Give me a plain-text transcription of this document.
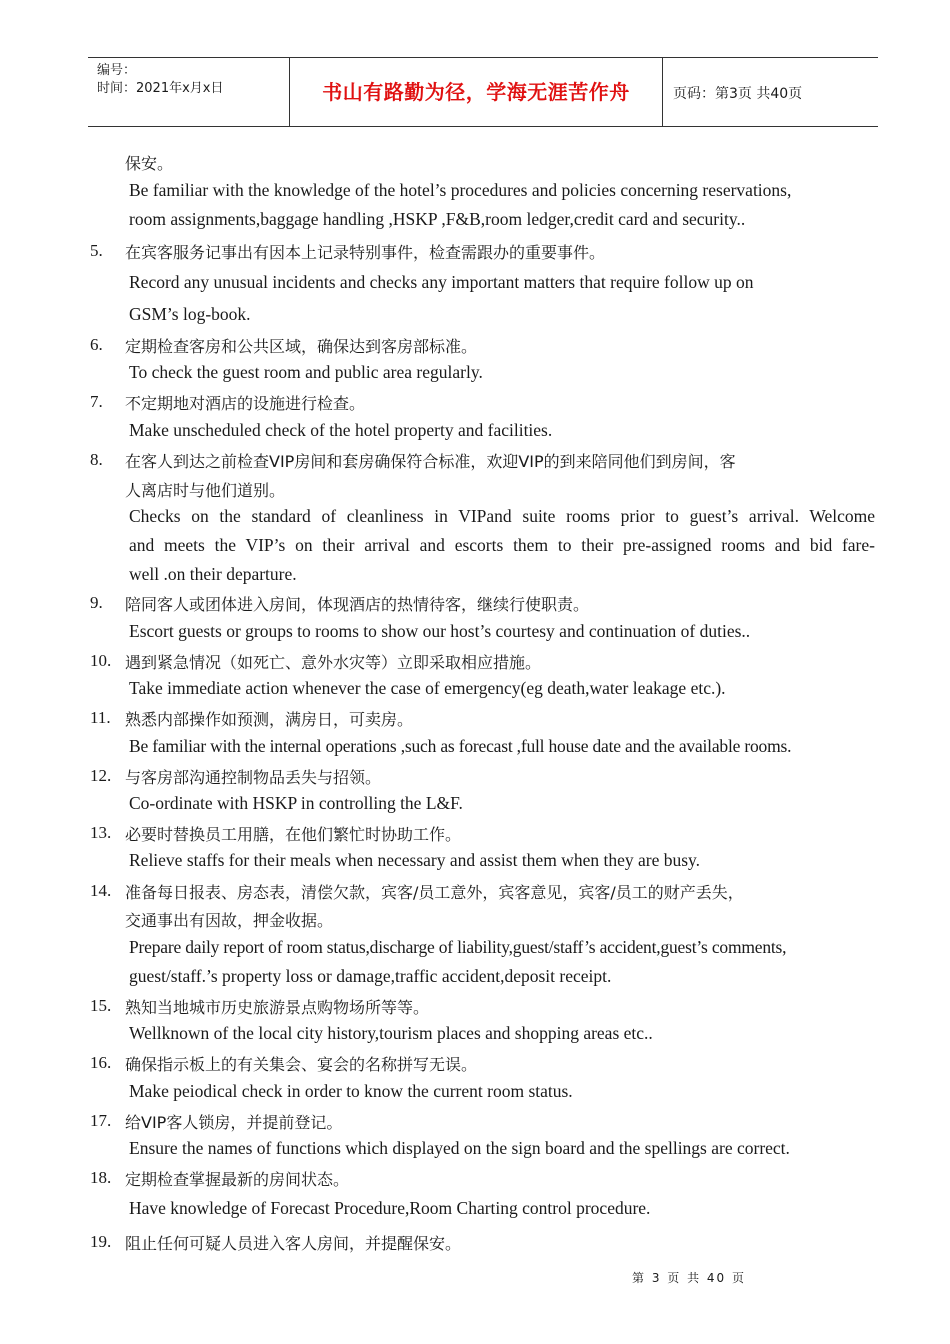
编号：
时间：2021年x月x日	书山有路勤为径，学海无涯苦作舟	页码：第3页 共40页
保安。
Be familiar with the knowledge of the hotel’s procedures and policies concerning reservations,
room assignments,baggage handling ,HSKP ,F&B,room ledger,credit card and security..
5. 在宾客服务记事出有因本上记录特别事件，检查需跟办的重要事件。
Record any unusual incidents and checks any important matters that require follow up on
GSM’s log-book.
6. 定期检查客房和公共区域，确保达到客房部标准。
To check the guest room and public area regularly.
7. 不定期地对酒店的设施进行检查。
Make unscheduled check of the hotel property and facilities.
8. 在客人到达之前检查VIP房间和套房确保符合标准，欢迎VIP的到来陪同他们到房间，客
人离店时与他们道别。
Checks on the standard of cleanliness in VIPand suite rooms prior to guest’s arrival. Welcome
and meets the VIP’s on their arrival and escorts them to their pre-assigned rooms and bid fare-
well .on their departure.
9. 陪同客人或团体进入房间，体现酒店的热情待客，继续行使职责。
Escort guests or groups to rooms to show our host’s courtesy and continuation of duties..
10. 遇到紧急情况（如死亡、意外水灾等）立即采取相应措施。
Take immediate action whenever the case of emergency(eg death,water leakage etc.).
11. 熟悉内部操作如预测，满房日，可卖房。
Be familiar with the internal operations ,such as forecast ,full house date and the available rooms.
12. 与客房部沟通控制物品丢失与招领。
Co-ordinate with HSKP in controlling the L&F.
13. 必要时替换员工用膳，在他们繁忙时协助工作。
Relieve staffs for their meals when necessary and assist them when they are busy.
14. 准备每日报表、房态表，清偿欠款，宾客/员工意外，宾客意见，宾客/员工的财产丢失，
交通事出有因故，押金收据。
Prepare daily report of room status,discharge of liability,guest/staff’s accident,guest’s comments,
guest/staff.’s property loss or damage,traffic accident,deposit receipt.
15. 熟知当地城市历史旅游景点购物场所等等。
Wellknown of the local city history,tourism places and shopping areas etc..
16. 确保指示板上的有关集会、宴会的名称拼写无误。
Make peiodical check in order to know the current room status.
17. 给VIP客人锁房，并提前登记。
Ensure the names of functions which displayed on the sign board and the spellings are correct.
18. 定期检查掌握最新的房间状态。
Have knowledge of Forecast Procedure,Room Charting control procedure.
19. 阻止任何可疑人员进入客人房间，并提醒保安。
第 3 页 共 40 页
